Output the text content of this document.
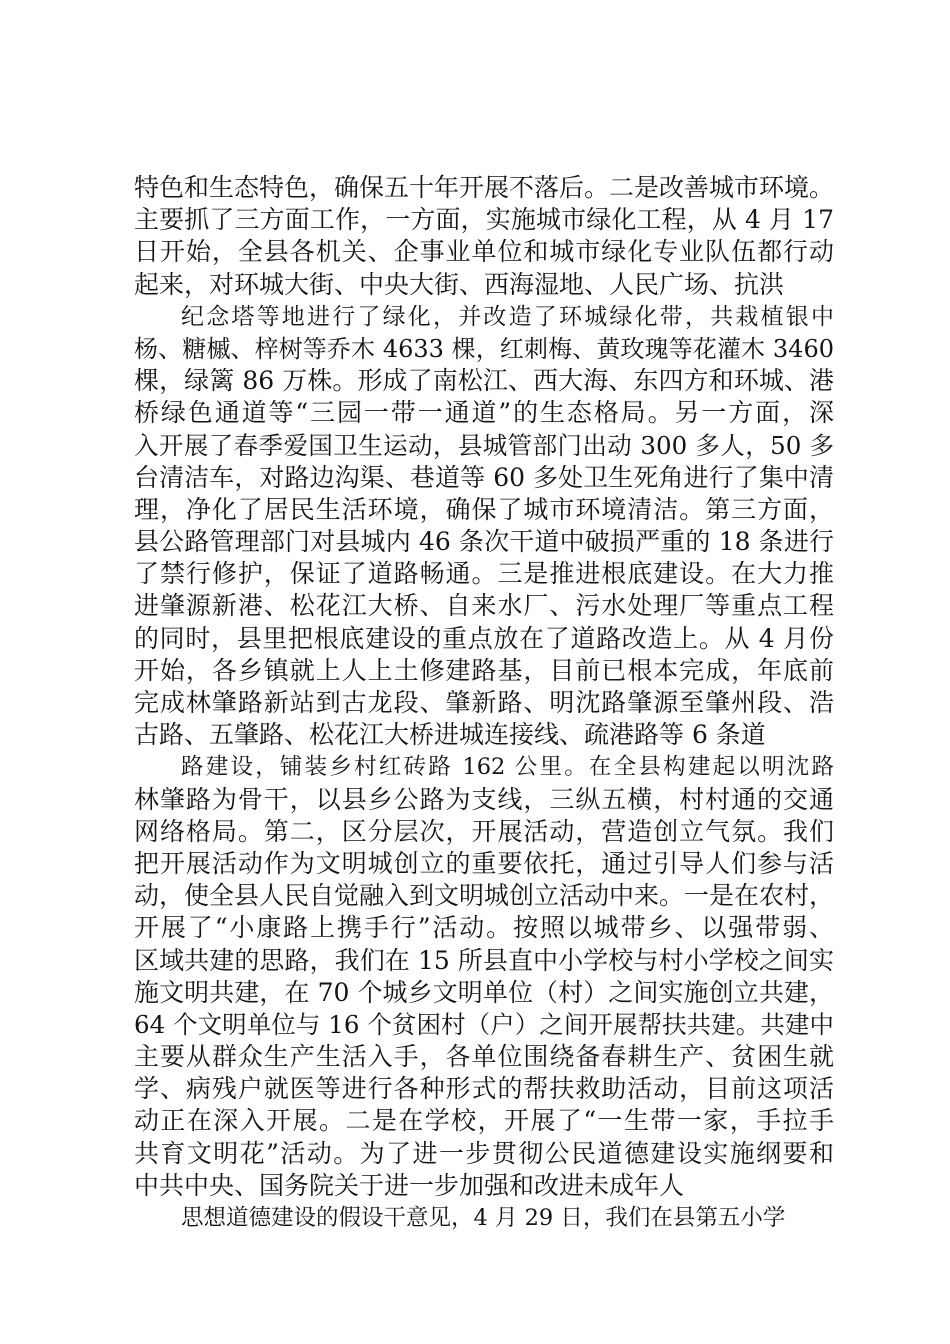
特色和生态特色，确保五十年开展不落后。二是改善城市环境。
主要抓了三方面工作，一方面，实施城市绿化工程，从 4 月 17
日开始，全县各机关、企事业单位和城市绿化专业队伍都行动
起来，对环城大街、中央大街、西海湿地、人民广场、抗洪
纪念塔等地进行了绿化，并改造了环城绿化带，共栽植银中
杨、糖槭、梓树等乔木 4633 棵，红刺梅、黄玫瑰等花灌木 3460
棵，绿篱 86 万株。形成了南松江、西大海、东四方和环城、港
桥绿色通道等“三园一带一通道”的生态格局。另一方面，深
入开展了春季爱国卫生运动，县城管部门出动 300 多人，50 多
台清洁车，对路边沟渠、巷道等 60 多处卫生死角进行了集中清
理，净化了居民生活环境，确保了城市环境清洁。第三方面，
县公路管理部门对县城内 46 条次干道中破损严重的 18 条进行
了禁行修护，保证了道路畅通。三是推进根底建设。在大力推
进肇源新港、松花江大桥、自来水厂、污水处理厂等重点工程
的同时，县里把根底建设的重点放在了道路改造上。从 4 月份
开始，各乡镇就上人上土修建路基，目前已根本完成，年底前
完成林肇路新站到古龙段、肇新路、明沈路肇源至肇州段、浩
古路、五肇路、松花江大桥进城连接线、疏港路等 6 条道
路建设，铺装乡村红砖路 162 公里。在全县构建起以明沈路
林肇路为骨干，以县乡公路为支线，三纵五横，村村通的交通
网络格局。第二，区分层次，开展活动，营造创立气氛。我们
把开展活动作为文明城创立的重要依托，通过引导人们参与活
动，使全县人民自觉融入到文明城创立活动中来。一是在农村，
开展了“小康路上携手行”活动。按照以城带乡、以强带弱、
区域共建的思路，我们在 15 所县直中小学校与村小学校之间实
施文明共建，在 70 个城乡文明单位（村）之间实施创立共建，
64 个文明单位与 16 个贫困村（户）之间开展帮扶共建。共建中
主要从群众生产生活入手，各单位围绕备春耕生产、贫困生就
学、病残户就医等进行各种形式的帮扶救助活动，目前这项活
动正在深入开展。二是在学校，开展了“一生带一家，手拉手
共育文明花”活动。为了进一步贯彻公民道德建设实施纲要和
中共中央、国务院关于进一步加强和改进未成年人
思想道德建设的假设干意见，4 月 29 日，我们在县第五小学
